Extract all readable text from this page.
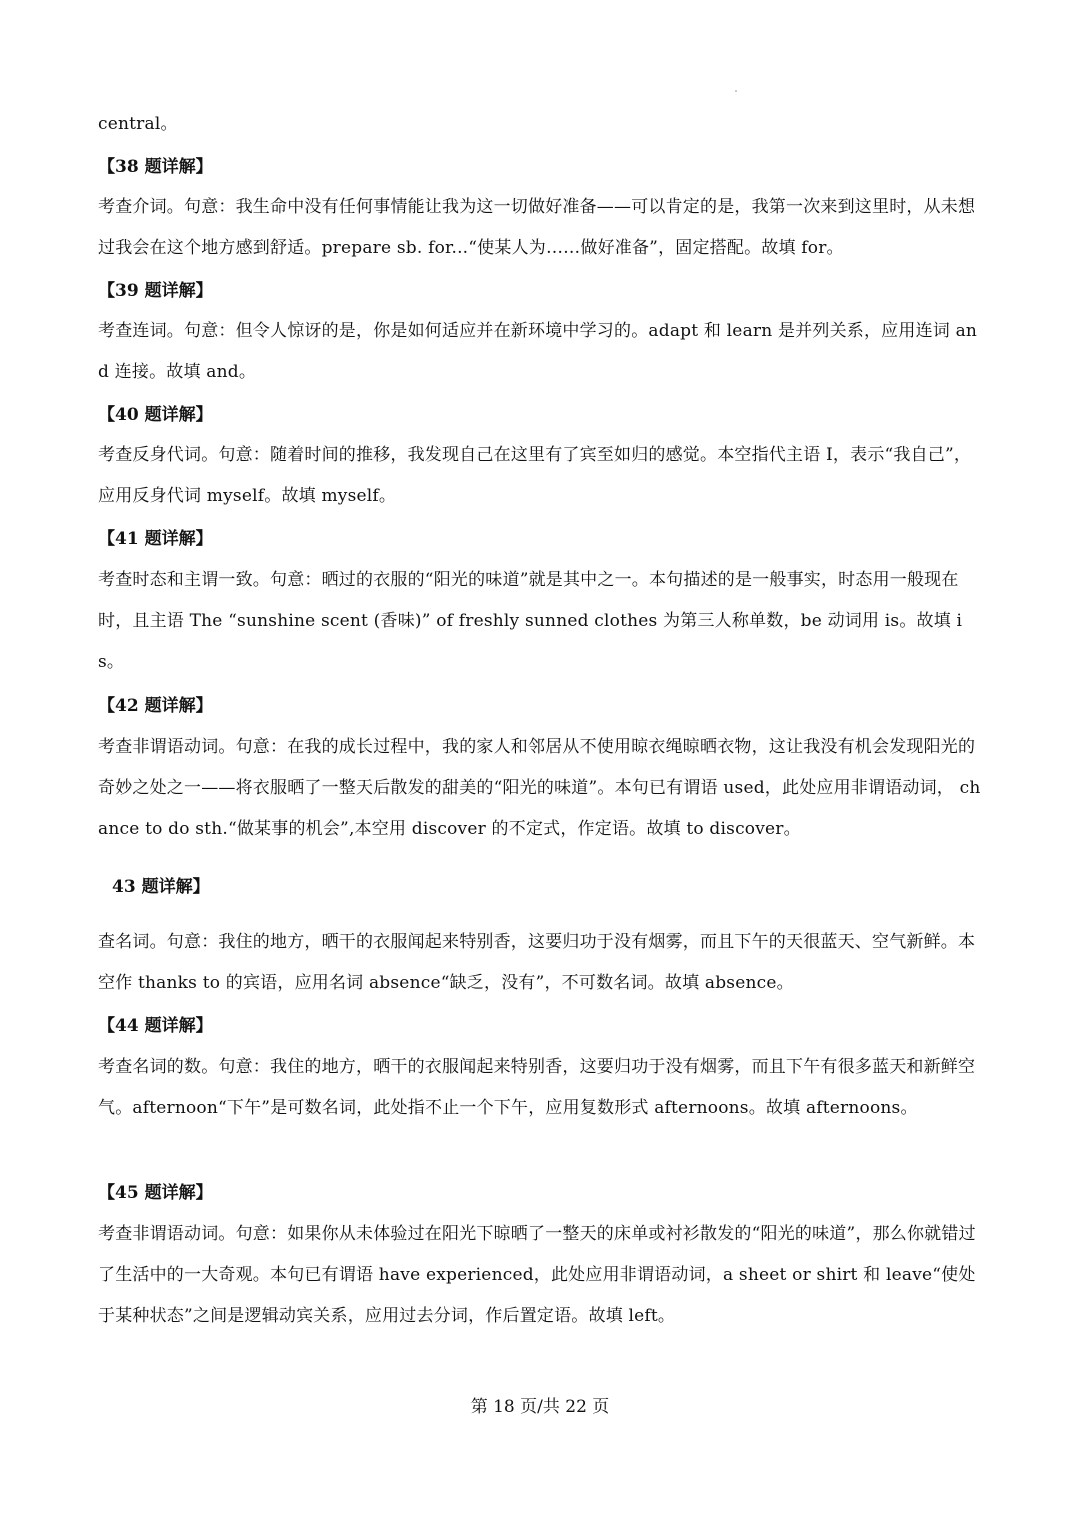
central。
【38 题详解】
考查介词。句意：我生命中没有任何事情能让我为这一切做好准备——可以肯定的是，我第一次来到这里时，从未想过我会在这个地方感到舒适。prepare sb. for...“使某人为……做好准备”，固定搭配。故填 for。
【39 题详解】
考查连词。句意：但令人惊讶的是，你是如何适应并在新环境中学习的。adapt 和 learn 是并列关系，应用连词 and 连接。故填 and。
【40 题详解】
考查反身代词。句意：随着时间的推移，我发现自己在这里有了宾至如归的感觉。本空指代主语 I，表示“我自己”，应用反身代词 myself。故填 myself。
【41 题详解】
考查时态和主谓一致。句意：晒过的衣服的“阳光的味道”就是其中之一。本句描述的是一般事实，时态用一般现在时，且主语 The “sunshine scent (香味)” of freshly sunned clothes 为第三人称单数，be 动词用 is。故填 is。
【42 题详解】
考查非谓语动词。句意：在我的成长过程中，我的家人和邻居从不使用晾衣绳晾晒衣物，这让我没有机会发现阳光的奇妙之处之一——将衣服晒了一整天后散发的甜美的“阳光的味道”。本句已有谓语 used，此处应用非谓语动词， chance to do sth.“做某事的机会”,本空用 discover 的不定式，作定语。故填 to discover。
43 题详解】
查名词。句意：我住的地方，晒干的衣服闻起来特别香，这要归功于没有烟雾，而且下午的天很蓝天、空气新鲜。本空作 thanks to 的宾语，应用名词 absence“缺乏，没有”，不可数名词。故填 absence。
【44 题详解】
考查名词的数。句意：我住的地方，晒干的衣服闻起来特别香，这要归功于没有烟雾，而且下午有很多蓝天和新鲜空气。afternoon“下午”是可数名词，此处指不止一个下午，应用复数形式 afternoons。故填 afternoons。
【45 题详解】
考查非谓语动词。句意：如果你从未体验过在阳光下晾晒了一整天的床单或衬衫散发的“阳光的味道”，那么你就错过了生活中的一大奇观。本句已有谓语 have experienced，此处应用非谓语动词，a sheet or shirt 和 leave“使处于某种状态”之间是逻辑动宾关系，应用过去分词，作后置定语。故填 left。
第 18 页/共 22 页
